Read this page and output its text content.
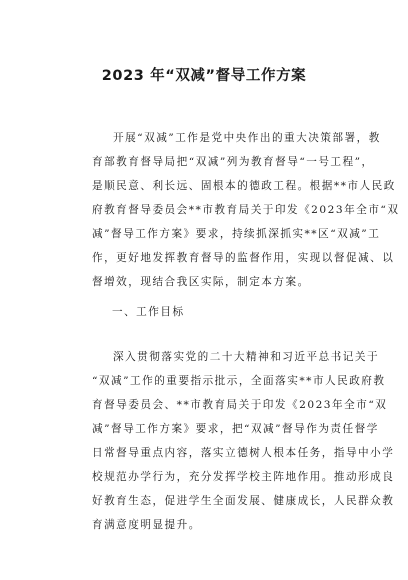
2023 年“双减”督导工作方案
开展“双减”工作是党中央作出的重大决策部署，教
育部教育督导局把“双减”列为教育督导“一号工程”，
是顺民意、利长远、固根本的德政工程。根据**市人民政
府教育督导委员会**市教育局关于印发《2023年全市“双
减”督导工作方案》要求，持续抓深抓实**区“双减”工
作，更好地发挥教育督导的监督作用，实现以督促减、以
督增效，现结合我区实际，制定本方案。
一、工作目标
深入贯彻落实党的二十大精神和习近平总书记关于
“双减”工作的重要指示批示，全面落实**市人民政府教
育督导委员会、**市教育局关于印发《2023年全市“双
减”督导工作方案》要求，把“双减”督导作为责任督学
日常督导重点内容，落实立德树人根本任务，指导中小学
校规范办学行为，充分发挥学校主阵地作用。推动形成良
好教育生态，促进学生全面发展、健康成长，人民群众教
育满意度明显提升。
